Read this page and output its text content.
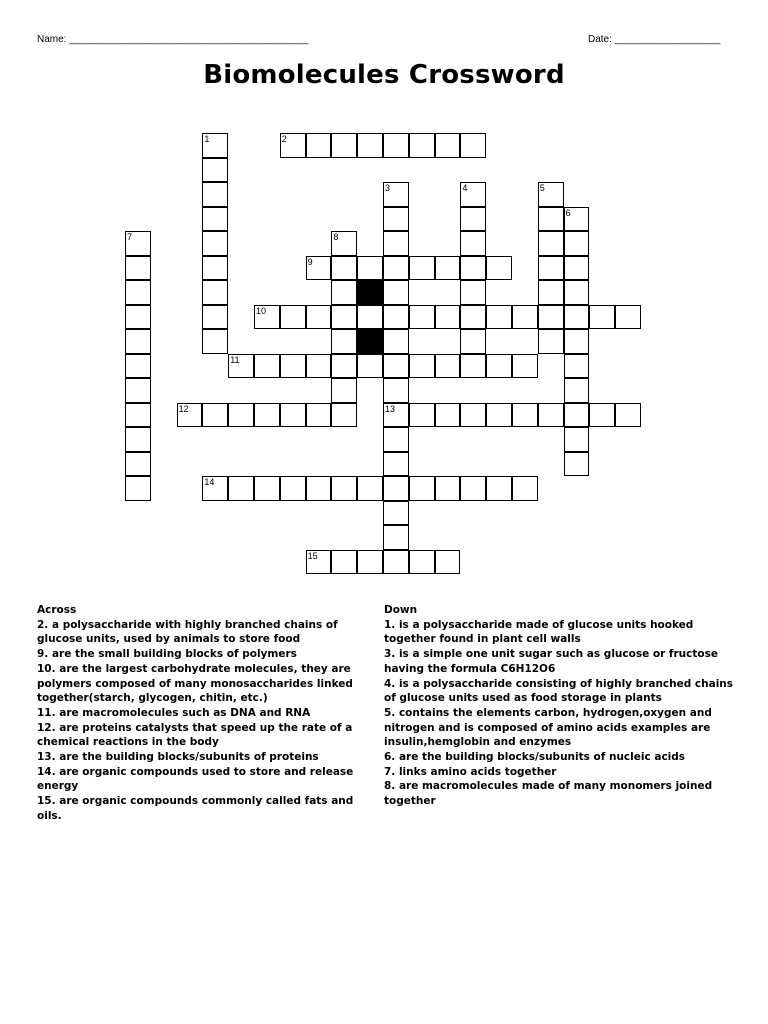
Name: ___________________________________________	Date: ___________________
Biomolecules Crossword
1	2
3
13
4	5
6
7	8
9
10
11
12
14
15
Across
2. a polysaccharide with highly branched chains of glucose units, used by animals to store food
9. are the small building blocks of polymers
10. are the largest carbohydrate molecules, they are polymers composed of many monosaccharides linked together(starch, glycogen, chitin, etc.)
11. are macromolecules such as DNA and RNA
12. are proteins catalysts that speed up the rate of a chemical reactions in the body
13. are the building blocks/subunits of proteins
14. are organic compounds used to store and release energy
15. are organic compounds commonly called fats and oils.
Down
1. is a polysaccharide made of glucose units hooked together found in plant cell walls
3. is a simple one unit sugar such as glucose or fructose having the formula C6H12O6
4. is a polysaccharide consisting of highly branched chains of glucose units used as food storage in plants
5. contains the elements carbon, hydrogen,oxygen and nitrogen and is composed of amino acids examples are insulin,hemglobin and enzymes
6. are the building blocks/subunits of nucleic acids
7. links amino acids together
8. are macromolecules made of many monomers joined together
